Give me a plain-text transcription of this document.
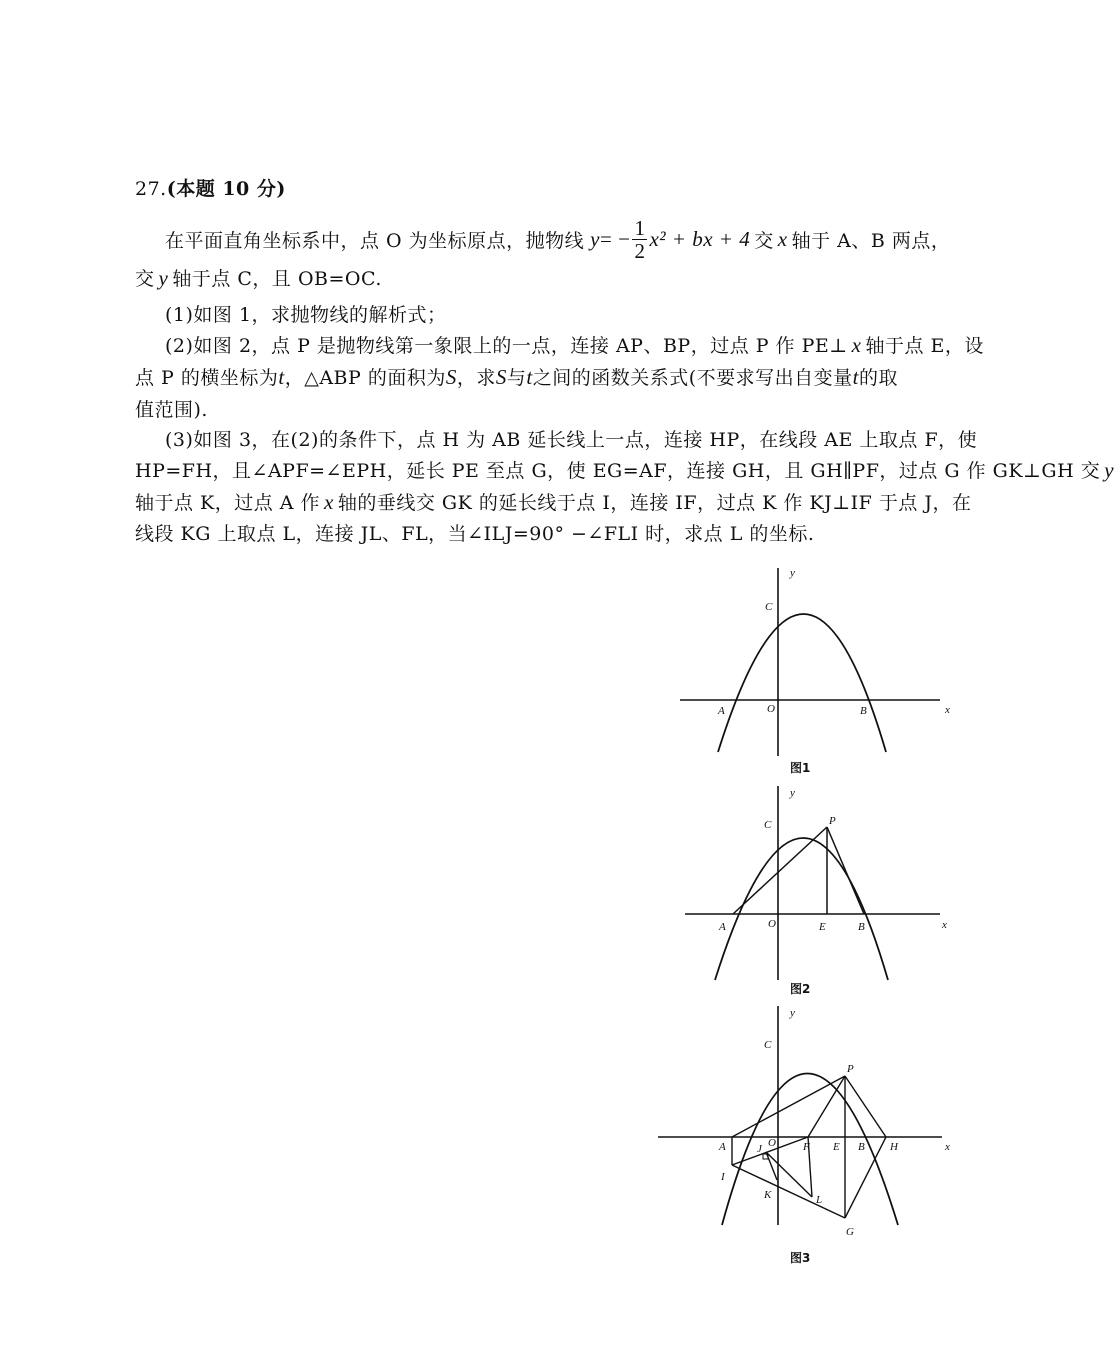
27.(本题 10 分)
在平面直角坐标系中，点 O 为坐标原点，抛物线 y = − $\frac{1}{2} x^2$ + bx + 4 交 x 轴于 A、B 两点，
交 y 轴于点 C，且 OB=OC.
(1)如图 1，求抛物线的解析式；
(2)如图 2，点 P 是抛物线第一象限上的一点，连接 AP、BP，过点 P 作 PE⊥ x 轴于点 E，设
点 P 的横坐标为t，△ABP 的面积为S，求S与t之间的函数关系式(不要求写出自变量t的取
值范围).
(3)如图 3，在(2)的条件下，点 H 为 AB 延长线上一点，连接 HP，在线段 AE 上取点 F，使
HP=FH，且∠APF=∠EPH，延长 PE 至点 G，使 EG=AF，连接 GH，且 GH∥PF，过点 G 作 GK⊥GH 交 y
轴于点 K，过点 A 作 x 轴的垂线交 GK 的延长线于点 I，连接 IF，过点 K 作 KJ⊥IF 于点 J，在
线段 KG 上取点 L，连接 JL、FL，当∠ILJ=90° −∠FLI 时，求点 L 的坐标.
y
x
C
O
A	B
图1
y
x
C
O
A	B
P
E
图2
y
x
C
O
A	B
P
E
F	H
I
J
K	L
G
图3
